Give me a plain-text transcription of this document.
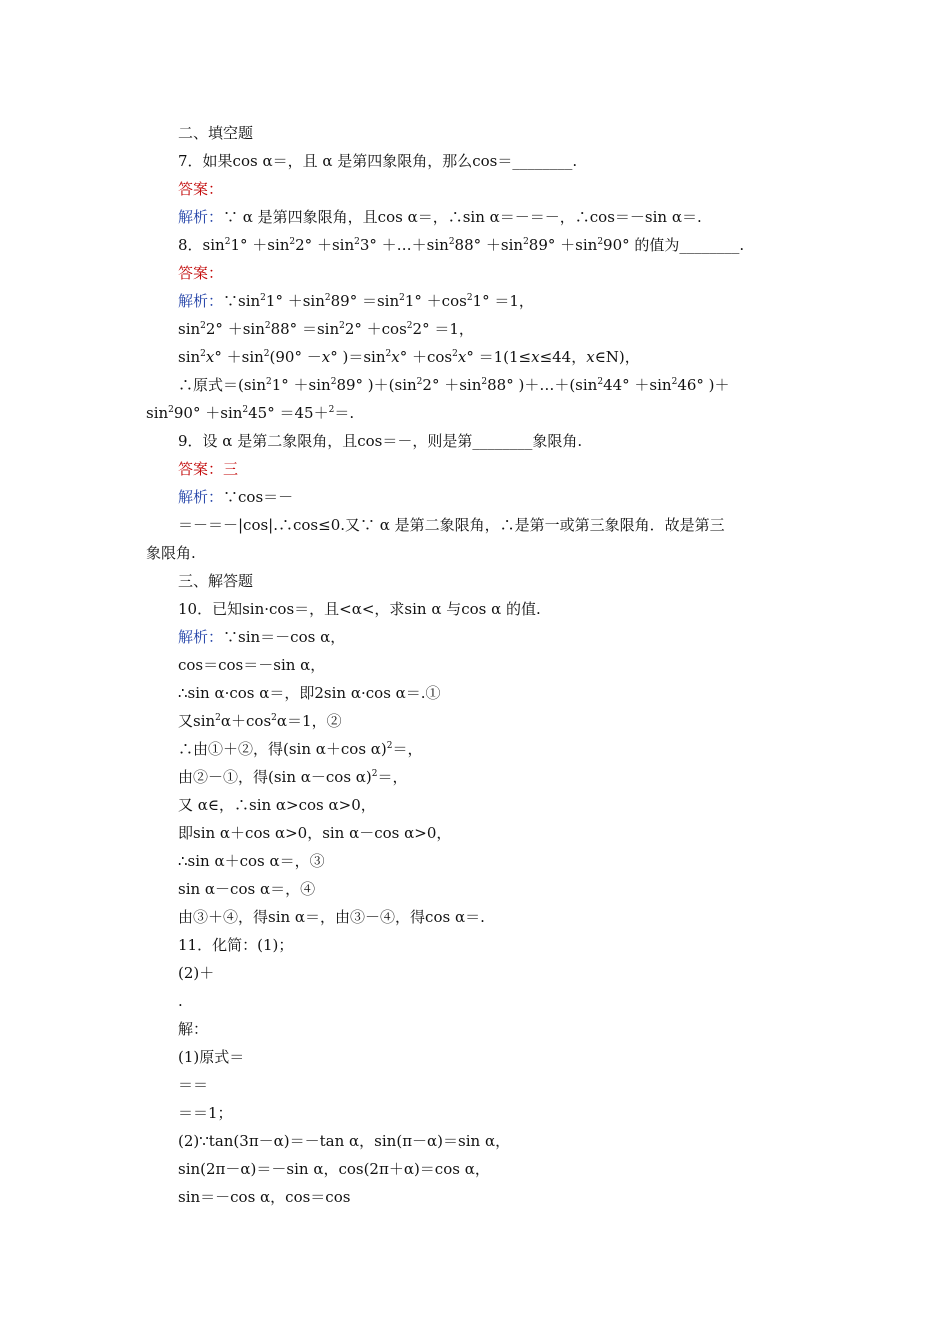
二、填空题
7．如果cos α＝，且 α 是第四象限角，那么cos＝________.
答案：
解析：∵ α 是第四象限角，且cos α＝，∴sin α＝－＝－，∴cos＝－sin α＝.
8．$\sin^21^\circ +\sin^22^\circ +\sin^23^\circ$ $+\dots+\sin^288^\circ +\sin^289^\circ +\sin^290^\circ$ 的值为________.
答案：
解析：$\because\sin^21^\circ +\sin^289^\circ =\sin^21^\circ +\cos^21^\circ =1$，
$\sin^22^\circ +\sin^288^\circ =\sin^22^\circ +\cos^22^\circ =1$，
$\sin^2x^\circ +\sin^2(90^\circ -x^\circ$ )$=\sin^2x^\circ +\cos^2x^\circ =1(1\le x\le 44$，x∈N)，
∴原式$=(\sin^21^\circ +\sin^289^\circ$ )$+(\sin^22^\circ +\sin^288^\circ$ )$+\dots+(\sin^244^\circ +\sin^246^\circ$ )＋
$\sin^290^\circ +\sin^245^\circ =45+^2=$.
9．设 α 是第二象限角，且cos＝－，则是第________象限角.
答案：三
解析：∵cos＝－
＝－＝－|cos|.∴cos≤0.又∵ α 是第二象限角，∴是第一或第三象限角．故是第三
象限角.
三、解答题
10．已知sin·cos＝，且<α<，求sin α 与cos α 的值.
解析：∵sin＝－cos α，
cos＝cos＝－sin α，
∴sin α·cos α＝，即2sin α·cos α＝.①
又$\sin^2\alpha+\cos^2\alpha=1$，②
∴由①＋②，得(sin α＋cos α)$^2$＝，
由②－①，得(sin α－cos α)$^2$＝，
又 α∈，∴sin α>cos α>0，
即sin α＋cos α>0，sin α－cos α>0，
∴sin α＋cos α＝，③
sin α－cos α＝，④
由③＋④，得sin α＝，由③－④，得cos α＝.
11．化简：(1)；
(2)＋
.
解：
(1)原式＝
＝＝
＝＝1；
(2)∵tan(3π－α)＝－tan α，sin(π－α)＝sin α，
sin(2π－α)＝－sin α，cos(2π＋α)＝cos α，
sin＝－cos α，cos＝cos
